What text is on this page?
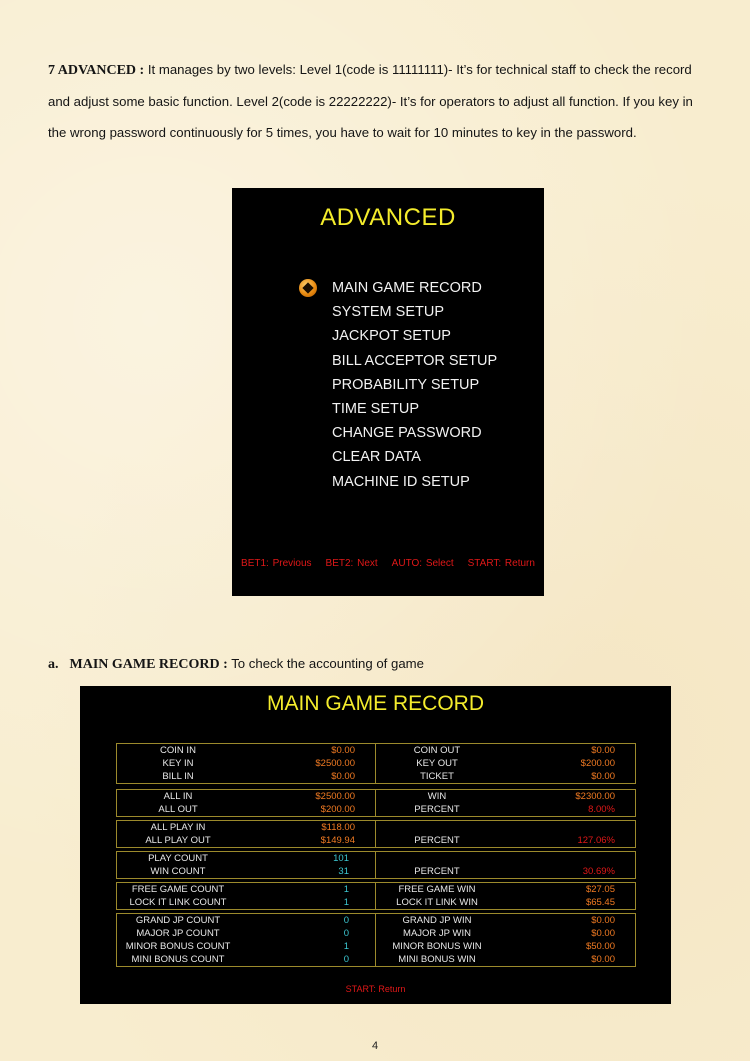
7 ADVANCED : It manages by two levels: Level 1(code is 11111111)- It’s for technical staff to check the record and adjust some basic function. Level 2(code is 22222222)- It’s for operators to adjust all function. If you key in the wrong password continuously for 5 times, you have to wait for 10 minutes to key in the password.
ADVANCED
MAIN GAME RECORD
SYSTEM SETUP
JACKPOT SETUP
BILL ACCEPTOR SETUP
PROBABILITY SETUP
TIME SETUP
CHANGE PASSWORD
CLEAR DATA
MACHINE ID SETUP
BET1: Previous BET2: Next AUTO: Select START: Return
a. MAIN GAME RECORD : To check the accounting of game
MAIN GAME RECORD
COIN IN	$0.00	COIN OUT	$0.00
KEY IN	$2500.00	KEY OUT	$200.00
BILL IN	$0.00	TICKET	$0.00
ALL IN	$2500.00	WIN	$2300.00
ALL OUT	$200.00	PERCENT	8.00%
ALL PLAY IN	$118.00
ALL PLAY OUT	$149.94	PERCENT	127.06%
PLAY COUNT	101
WIN COUNT	31	PERCENT	30.69%
FREE GAME COUNT	1	FREE GAME WIN	$27.05
LOCK IT LINK COUNT	1	LOCK IT LINK WIN	$65.45
GRAND JP COUNT	0	GRAND JP WIN	$0.00
MAJOR JP COUNT	0	MAJOR JP WIN	$0.00
MINOR BONUS COUNT	1	MINOR BONUS WIN	$50.00
MINI BONUS COUNT	0	MINI BONUS WIN	$0.00
START: Return
4
